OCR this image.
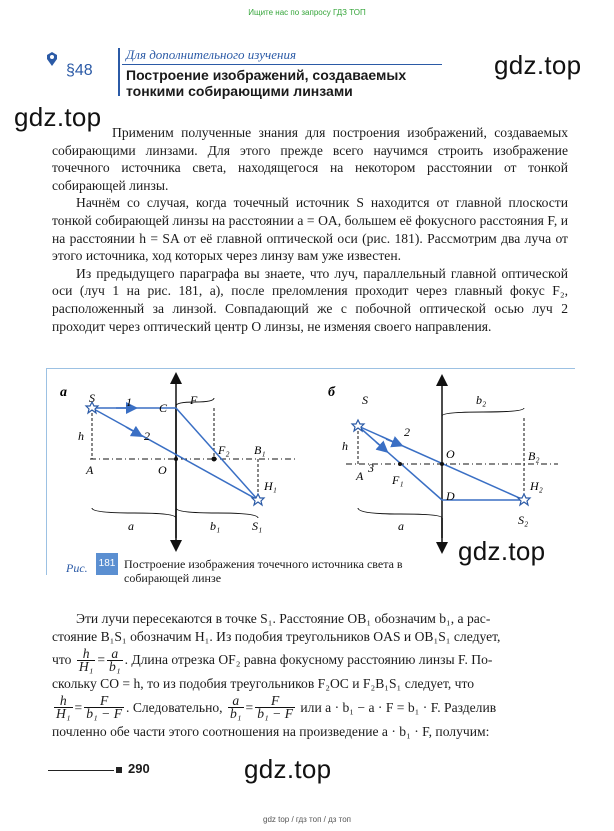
Ищите нас по запросу ГДЗ ТОП
gdz.top
gdz.top
gdz.top
gdz.top
§48
Для дополнительного изучения
Построение изображений, создаваемых
тонкими собирающими линзами

Применим полученные знания для построения изображений, создаваемых собирающими линзами. Для этого прежде всего научимся строить изображение точечного источника света, находящегося на некотором расстоянии от тонкой собирающей линзы.

Начнём со случая, когда точечный источник S находится от главной плоскости тонкой собирающей линзы на расстоянии a = OA, большем её фокусного расстояния F, и на расстоянии h = SA от её главной оптической оси (рис. 181). Рассмотрим два луча от этого источника, ход которых через линзу вам уже известен.

Из предыдущего параграфа вы знаете, что луч, параллельный главной оптической оси (луч 1 на рис. 181, а), после преломления проходит через главный фокус F₂, расположенный за линзой. Совпадающий же с побочной оптической осью луч 2 проходит через оптический центр O линзы, не изменяя своего направления.

а S
C
F
F₂ B₁
h
A	O
H₁
S₁
a	b₁
1
2
б S	b₂
h
2
O	B₂
3
A F₁	H₂
D
a	S₂
Рис. 181 Построение изображения точечного источника света в собирающей линзе
Эти лучи пересекаются в точке S₁. Расстояние OB₁ обозначим b₁, а рас-
стояние B₁S₁ обозначим H₁. Из подобия треугольников OAS и OB₁S₁ следует,
что
h
H₁ = a
b₁ . Длина отрезка OF₂ равна фокусному расстоянию линзы F. По-
скольку CO = h, то из подобия треугольников F₂OC и F₂B₁S₁ следует, что
h
H₁ = F
b₁ − F . Следовательно,
a
b₁ = F
b₁ − F
или a · b₁ − a · F = b₁ · F. Разделив
почленно обе части этого соотношения на произведение a · b₁ · F, получим:
290
gdz top / гдз топ / дз топ
